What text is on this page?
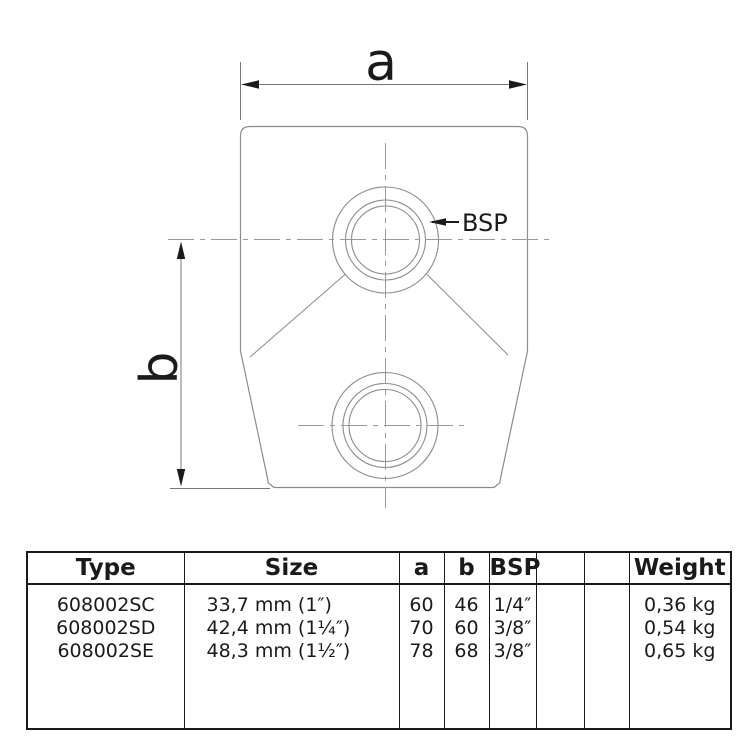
a
b
BSP
Type	Size	a	b	BSP			Weight
608002SC	33,7 mm (1″)	60	46	1/4″			0,36 kg
608002SD	42,4 mm (1¼″)	70	60	3/8″			0,54 kg
608002SE	48,3 mm (1½″)	78	68	3/8″			0,65 kg
